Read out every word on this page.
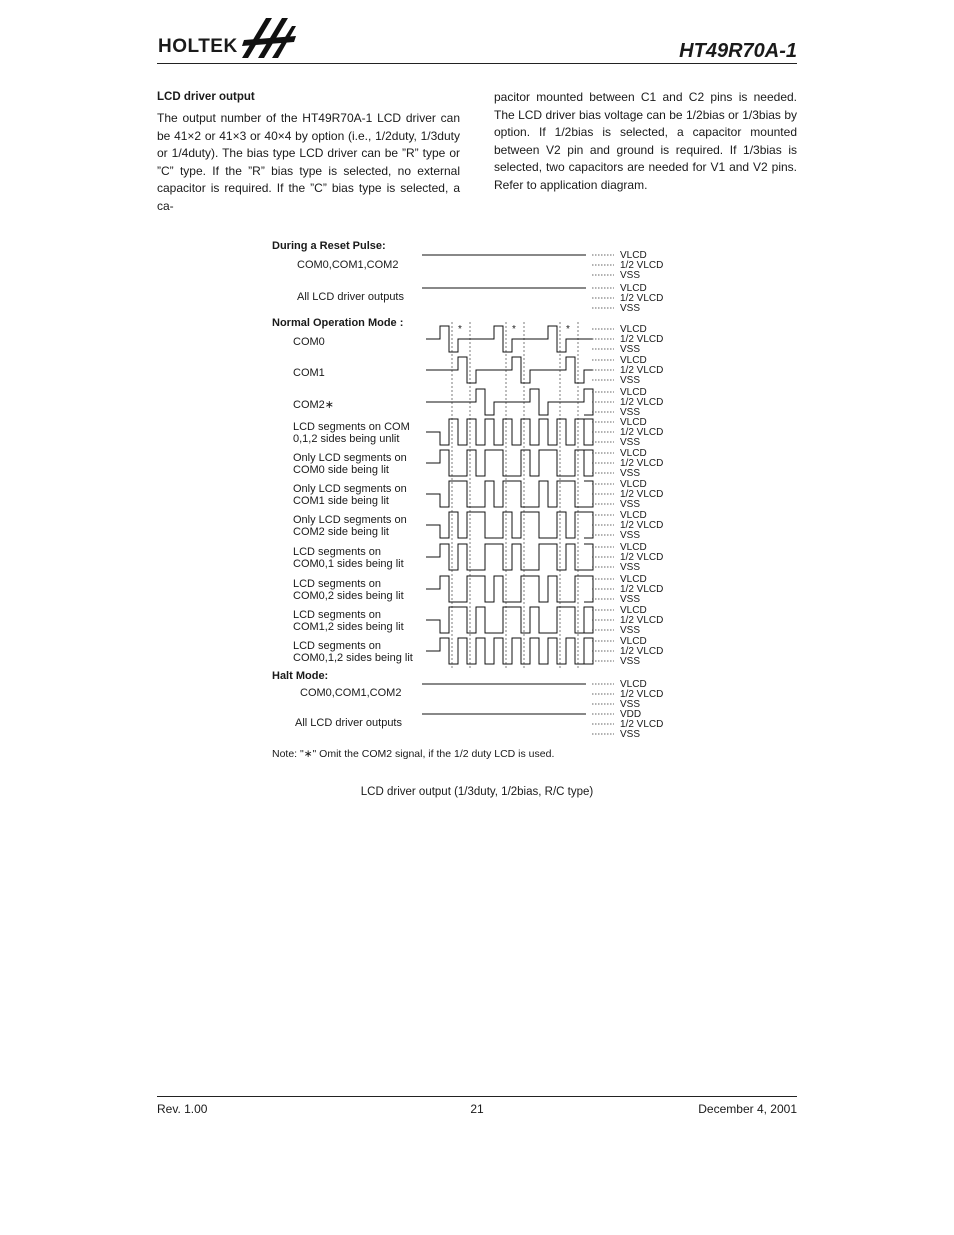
HOLTEK	HT49R70A-1
LCD driver output
The output number of the HT49R70A-1 LCD driver can be 41×2 or 41×3 or 40×4 by option (i.e., 1/2duty, 1/3duty or 1/4duty). The bias type LCD driver can be ”R” type or ”C” type. If the ”R” bias type is selected, no external capacitor is required. If the ”C” bias type is selected, a ca-
pacitor mounted between C1 and C2 pins is needed. The LCD driver bias voltage can be 1/2bias or 1/3bias by option. If 1/2bias is selected, a capacitor mounted between V2 pin and ground is required. If 1/3bias is selected, two capacitors are needed for V1 and V2 pins. Refer to application diagram.
During a Reset Pulse:
COM0,COM1,COM2
All LCD driver outputs
Normal Operation Mode :
*	*	*
COM0
COM1
COM2∗
LCD segments on COM
0,1,2 sides being unlit
Only LCD segments on
COM0 side being lit
Only LCD segments on
COM1 side being lit
Only LCD segments on
COM2 side being lit
LCD segments on
COM0,1 sides being lit
LCD segments on
COM0,2 sides being lit
LCD segments on
COM1,2 sides being lit
LCD segments on
COM0,1,2 sides being lit
Halt Mode:
COM0,COM1,COM2
All LCD driver outputs
VLCD
1/2 VLCD
VSS
VLCD
1/2 VLCD
VSS
VLCD
1/2 VLCD
VSS
VLCD
1/2 VLCD
VSS
VLCD
1/2 VLCD
VSS
VLCD
1/2 VLCD
VSS
VLCD
1/2 VLCD
VSS
VLCD
1/2 VLCD
VSS
VLCD
1/2 VLCD
VSS
VLCD
1/2 VLCD
VSS
VLCD
1/2 VLCD
VSS
VLCD
1/2 VLCD
VSS
VLCD
1/2 VLCD
VSS
VLCD
1/2 VLCD
VSS
VDD
1/2 VLCD
VSS
Note: "∗" Omit the COM2 signal, if the 1/2 duty LCD is used.
LCD driver output (1/3duty, 1/2bias, R/C type)
Rev. 1.00	21	December 4, 2001
